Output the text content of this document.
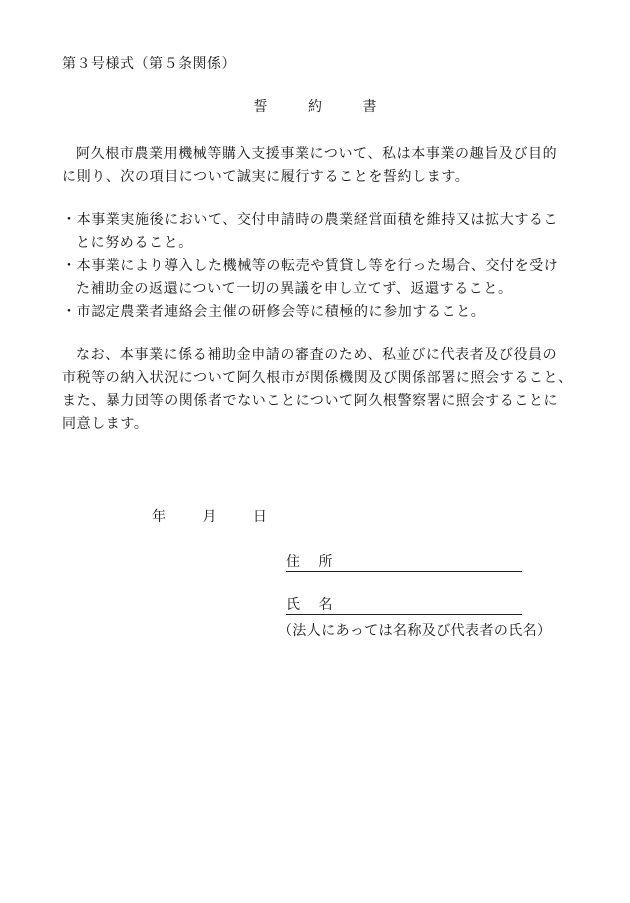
第３号様式（第５条関係）
誓	約	書
阿久根市農業用機械等購入支援事業について、私は本事業の趣旨及び目的
に則り、次の項目について誠実に履行することを誓約します。
・本事業実施後において、交付申請時の農業経営面積を維持又は拡大するこ
とに努めること。
・本事業により導入した機械等の転売や賃貸し等を行った場合、交付を受け
た補助金の返還について一切の異議を申し立てず、返還すること。
・市認定農業者連絡会主催の研修会等に積極的に参加すること。
なお、本事業に係る補助金申請の審査のため、私並びに代表者及び役員の
市税等の納入状況について阿久根市が関係機関及び関係部署に照会すること、
また、暴力団等の関係者でないことについて阿久根警察署に照会することに
同意します。
年	月	日
住 所
氏 名
（法人にあっては名称及び代表者の氏名）
